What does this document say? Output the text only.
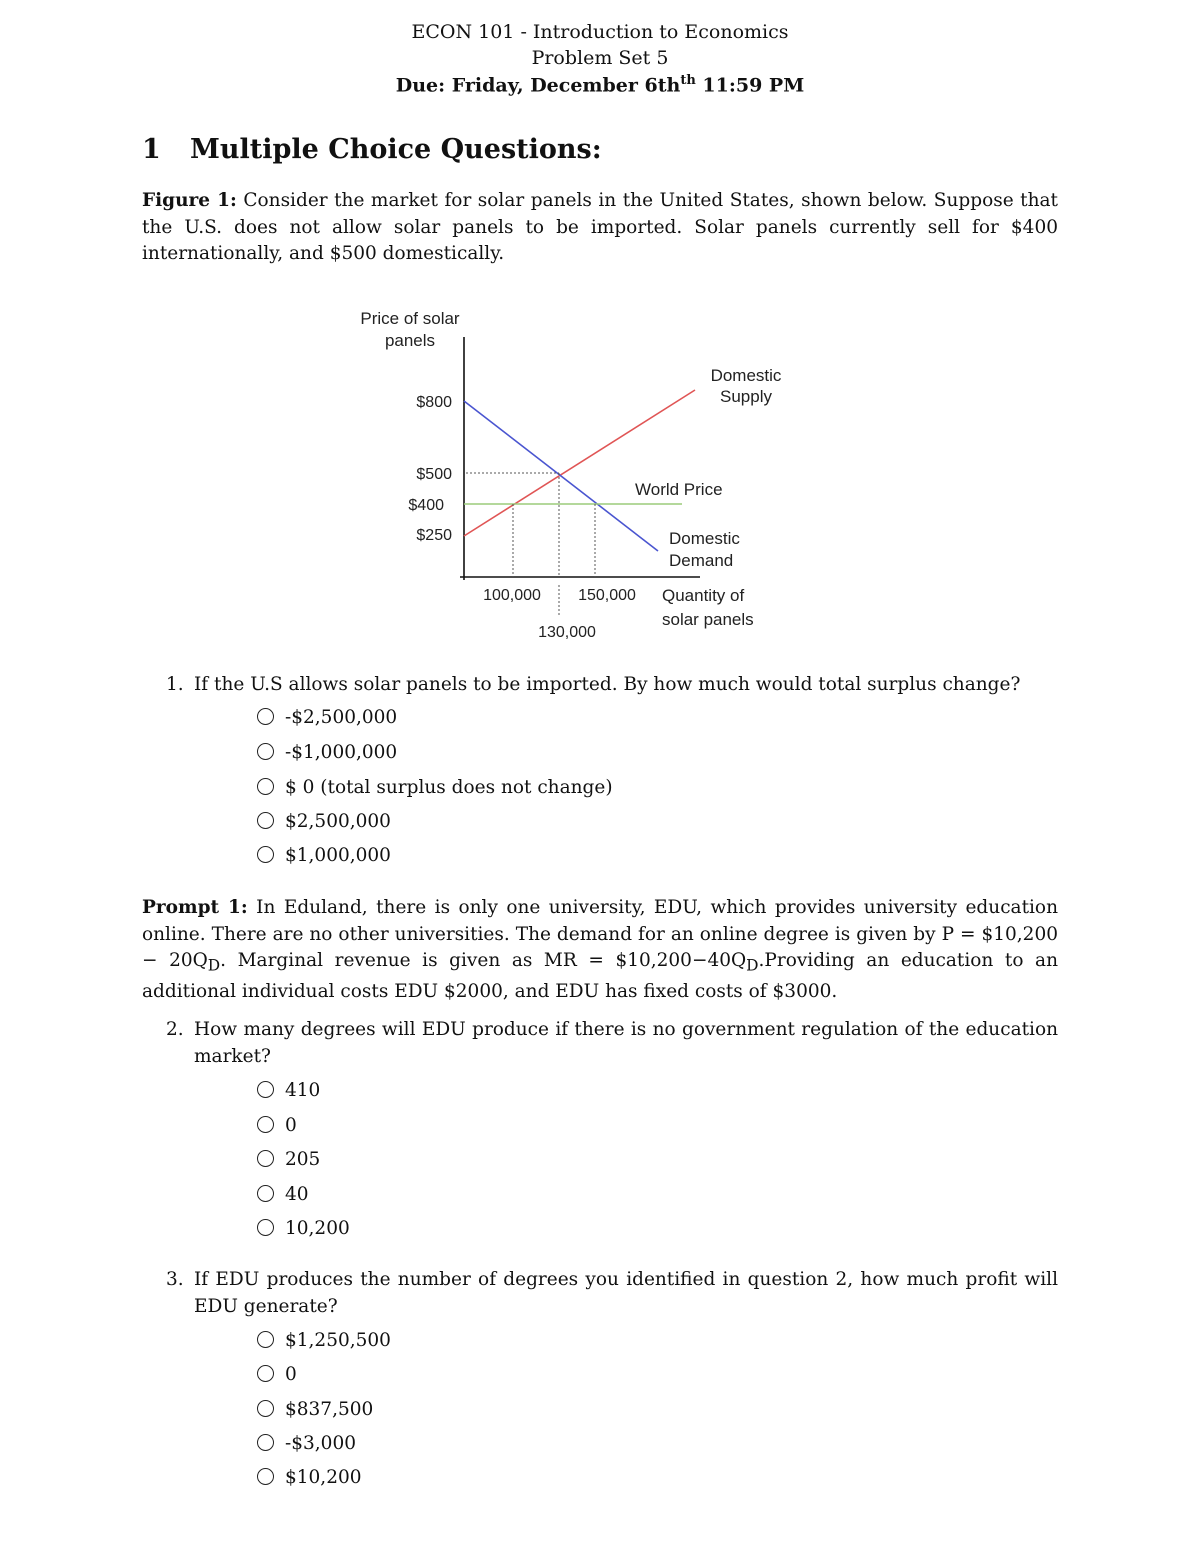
ECON 101 - Introduction to Economics
Problem Set 5
Due: Friday, December $6th^{th}$ 11:59 PM
1 Multiple Choice Questions:
Figure 1: Consider the market for solar panels in the United States, shown below. Suppose that the U.S. does not allow solar panels to be imported. Solar panels currently sell for $400 internationally, and $500 domestically.
$800
$500
$400
$250
100,000 150,000
130,000
Domestic
Supply
World Price
Domestic
Demand
Price of solar
panels
Quantity of
solar panels
1. If the U.S allows solar panels to be imported. By how much would total surplus change?
-$2,500,000
-$1,000,000
$ 0 (total surplus does not change)
$2,500,000
$1,000,000
Prompt 1: In Eduland, there is only one university, EDU, which provides university education online. There are no other universities. The demand for an online degree is given by P = $10,200 − $20Q_D$. Marginal revenue is given as MR = $\$10,200-40Q_D.Providing$ an education to an additional individual costs EDU $2000, and EDU has fixed costs of $3000.
2. How many degrees will EDU produce if there is no government regulation of the education market?
410
0
205
40
10,200
3. If EDU produces the number of degrees you identified in question 2, how much profit will EDU generate?
$1,250,500
0
$837,500
-$3,000
$10,200
